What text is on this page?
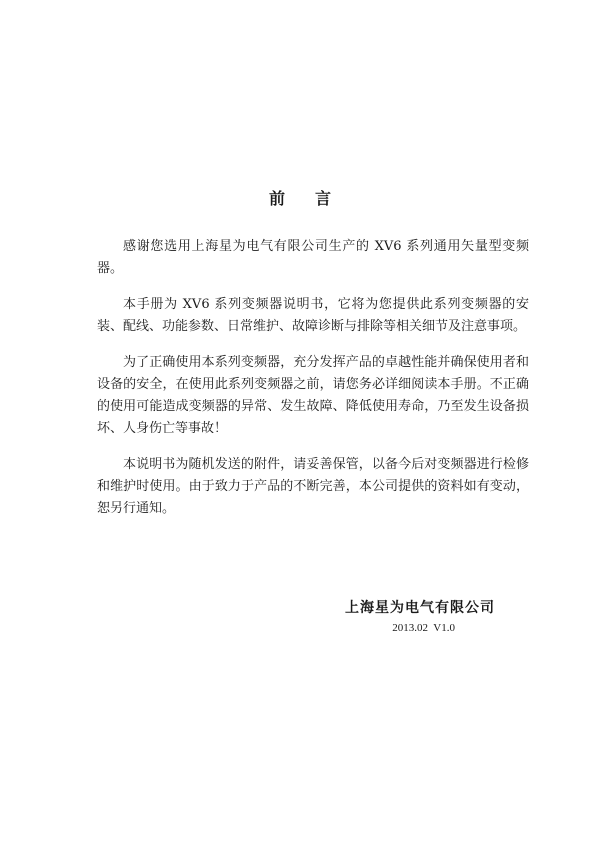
前言

感谢您选用上海星为电气有限公司生产的 XV6 系列通用矢量型变频器。

本手册为 XV6 系列变频器说明书，它将为您提供此系列变频器的安装、配线、功能参数、日常维护、故障诊断与排除等相关细节及注意事项。

为了正确使用本系列变频器，充分发挥产品的卓越性能并确保使用者和设备的安全，在使用此系列变频器之前，请您务必详细阅读本手册。不正确的使用可能造成变频器的异常、发生故障、降低使用寿命，乃至发生设备损坏、人身伤亡等事故！

本说明书为随机发送的附件，请妥善保管，以备今后对变频器进行检修和维护时使用。由于致力于产品的不断完善，本公司提供的资料如有变动，恕另行通知。

上海星为电气有限公司
2013.02  V1.0
